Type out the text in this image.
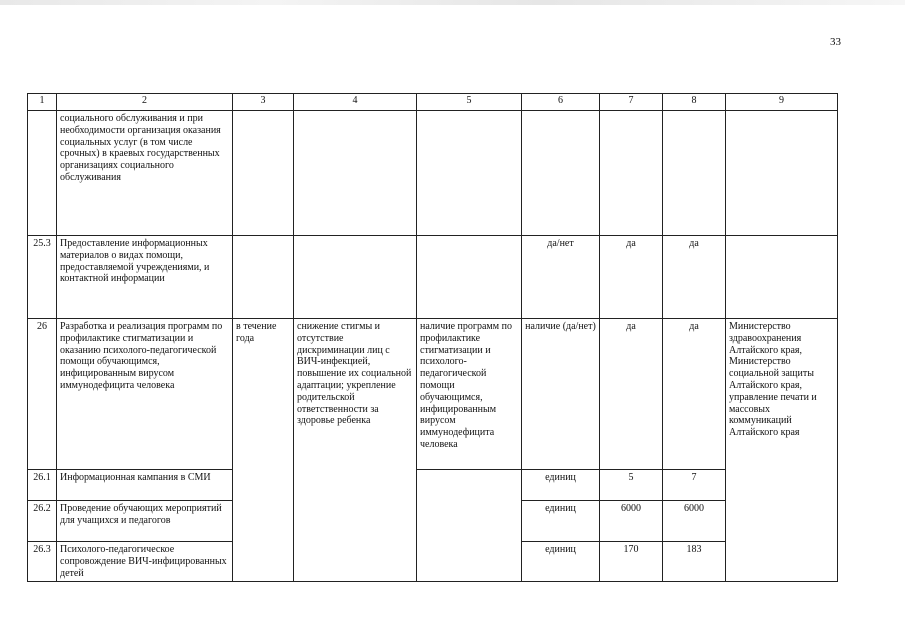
33
1	2	3	4	5	6	7	8	9
	социального обслуживания и при необходимости организация оказания социальных услуг (в том числе срочных) в краевых государственных организациях социального обслуживания							
25.3	Предоставление информационных материалов о видах помощи, предоставляемой учреждениями, и контактной информации				да/нет	да	да	
26	Разработка и реализация программ по профилактике стигматизации и оказанию психолого-педагогической помощи обучающимся, инфицированным вирусом иммунодефицита человека	в течение года	снижение стигмы и отсутствие дискриминации лиц с ВИЧ-инфекцией, повышение их социальной адаптации; укрепление родительской ответственности за здоровье ребенка	наличие программ по профилактике стигматизации и психолого-педагогической помощи обучающимся, инфицированным вирусом иммунодефицита человека	наличие (да/нет)	да	да	Министерство здравоохранения Алтайского края, Министерство социальной защиты Алтайского края, управление печати и массовых коммуникаций Алтайского края
26.1	Информационная кампания в СМИ				единиц	5	7	
26.2	Проведение обучающих мероприятий для учащихся и педагогов				единиц	6000	6000	
26.3	Психолого-педагогическое сопровождение ВИЧ-инфицированных детей				единиц	170	183	
